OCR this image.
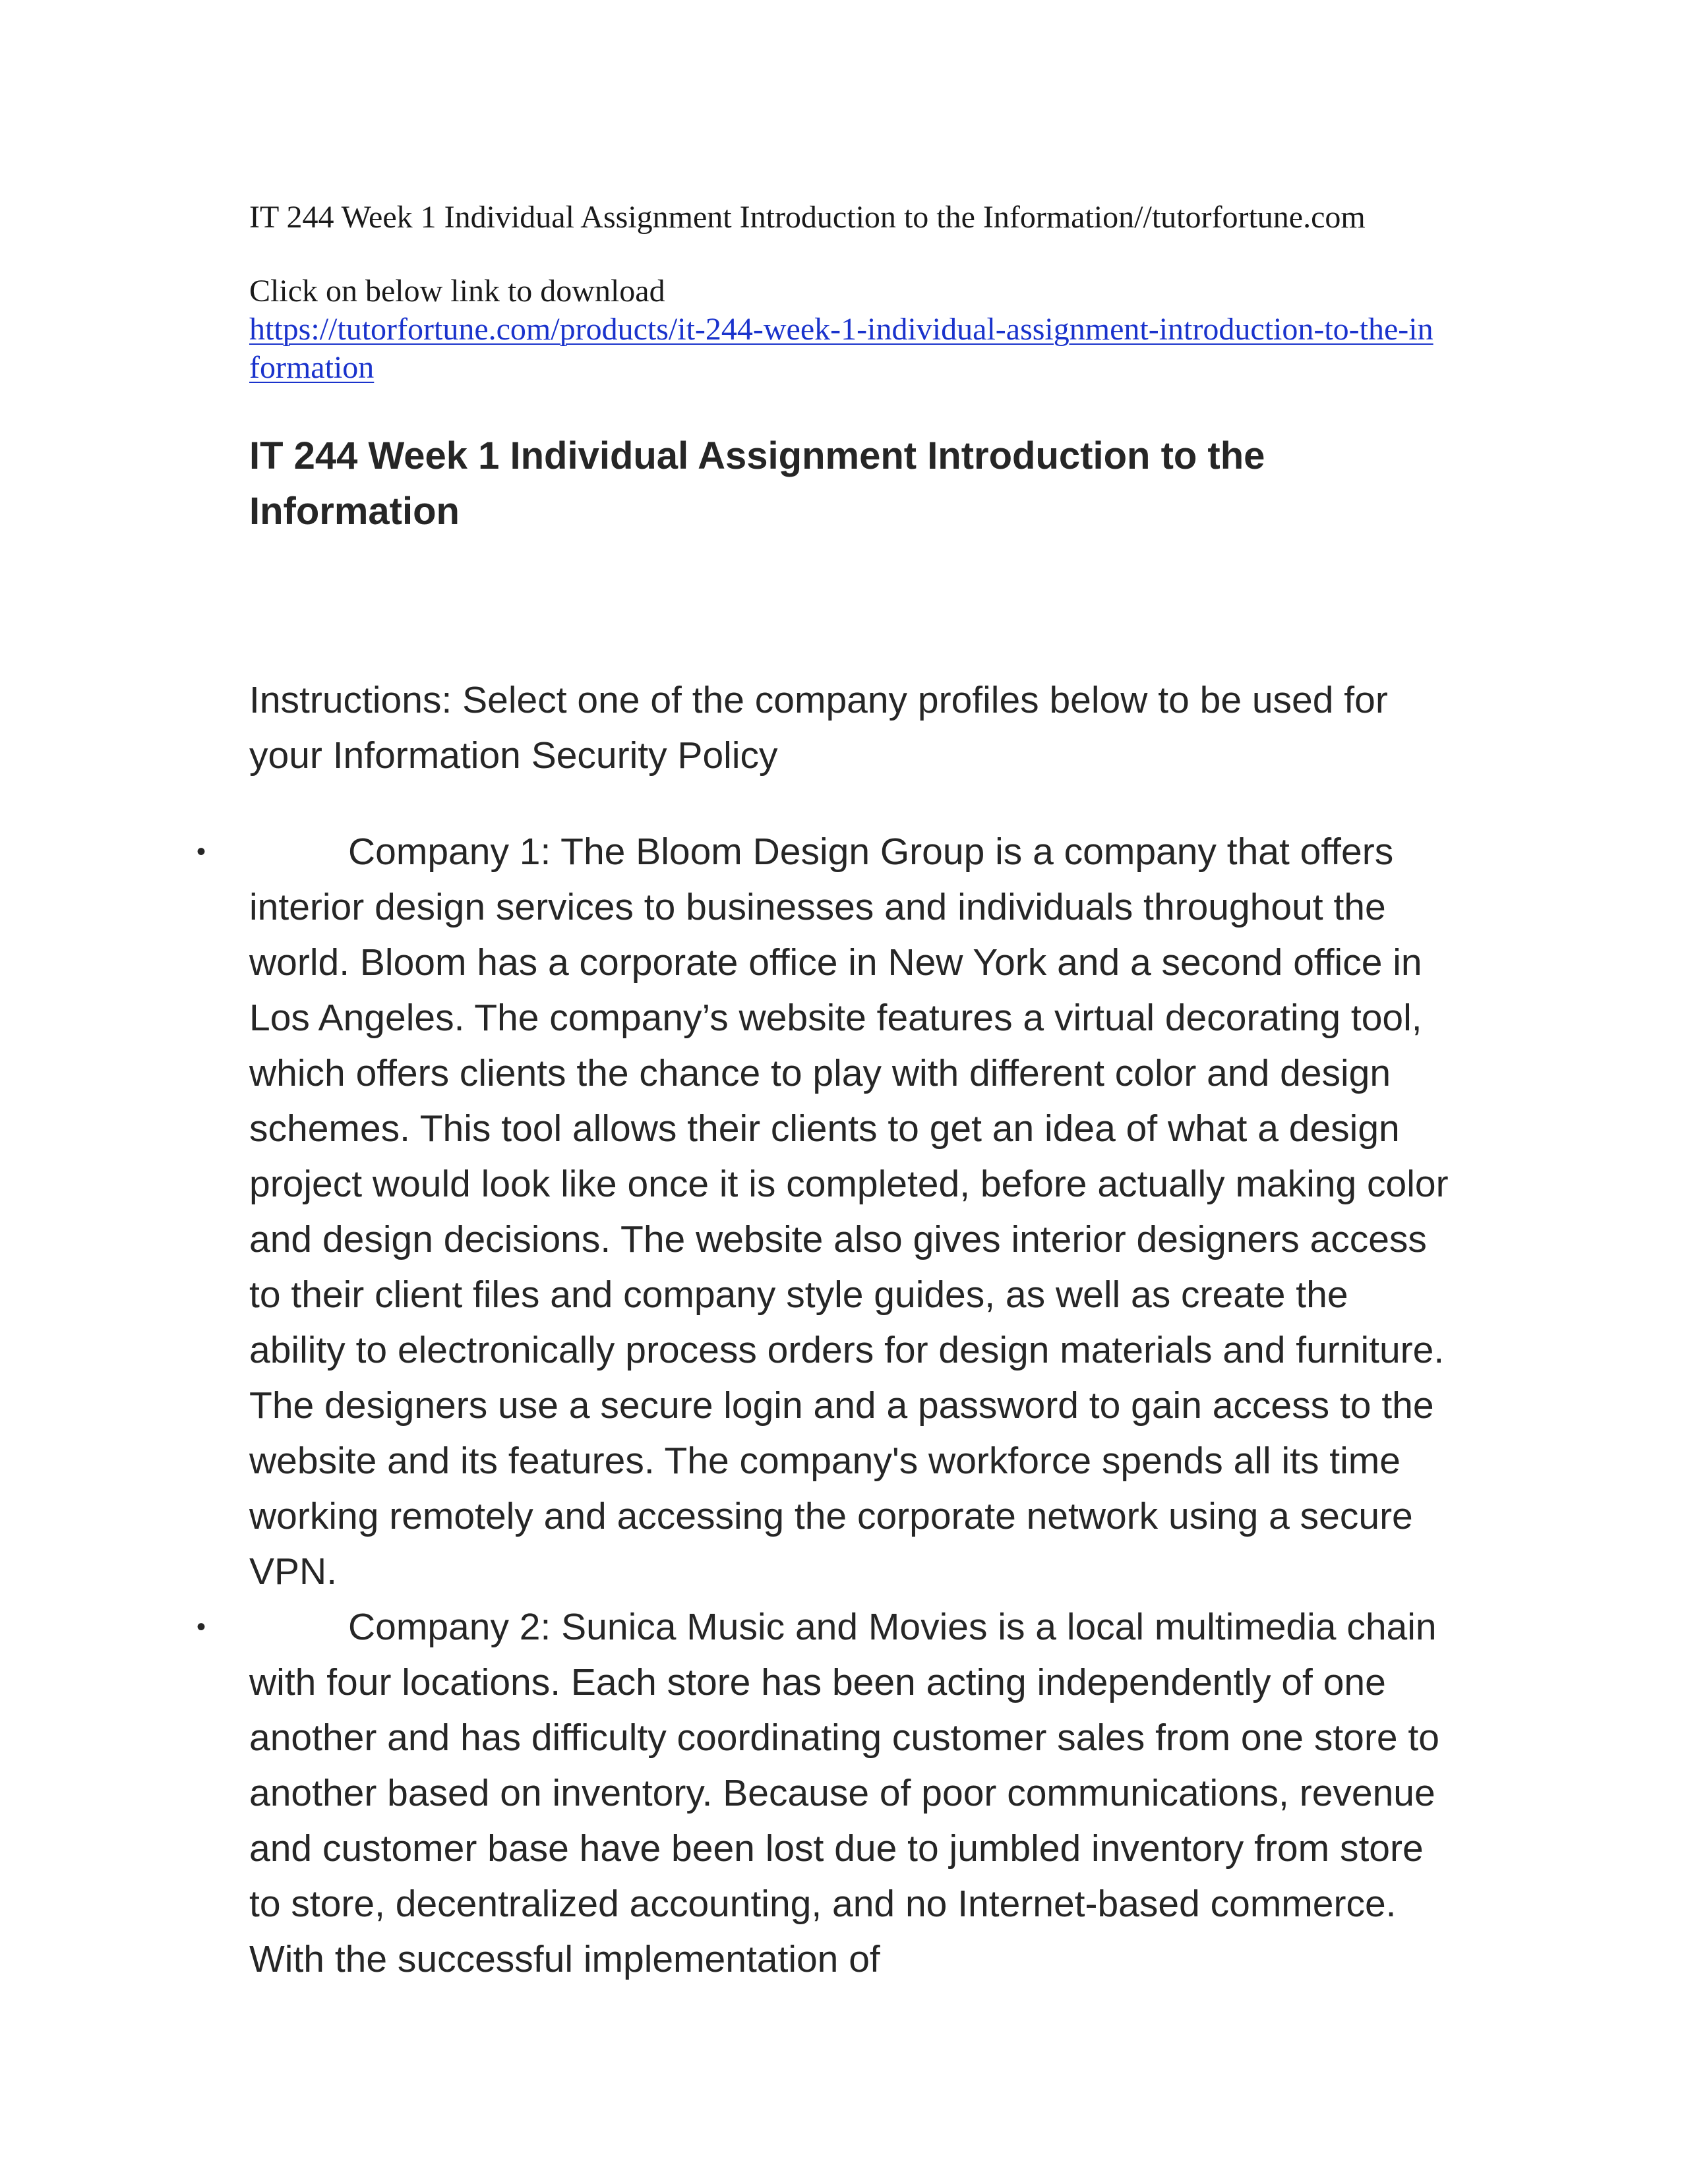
IT 244 Week 1 Individual Assignment Introduction to the Information//tutorfortune.com
Click on below link to download
https://tutorfortune.com/products/it-244-week-1-individual-assignment-introduction-to-the-information
IT 244 Week 1 Individual Assignment Introduction to the Information
Instructions: Select one of the company profiles below to be used for your Information Security Policy
•	Company 1: The Bloom Design Group is a company that offers interior design services to businesses and individuals throughout the world. Bloom has a corporate office in New York and a second office in Los Angeles. The company’s website features a virtual decorating tool, which offers clients the chance to play with different color and design schemes. This tool allows their clients to get an idea of what a design project would look like once it is completed, before actually making color and design decisions. The website also gives interior designers access to their client files and company style guides, as well as create the ability to electronically process orders for design materials and furniture. The designers use a secure login and a password to gain access to the website and its features. The company's workforce spends all its time working remotely and accessing the corporate network using a secure VPN.
•	Company 2: Sunica Music and Movies is a local multimedia chain with four locations. Each store has been acting independently of one another and has difficulty coordinating customer sales from one store to another based on inventory. Because of poor communications, revenue and customer base have been lost due to jumbled inventory from store to store, decentralized accounting, and no Internet-based commerce. With the successful implementation of
